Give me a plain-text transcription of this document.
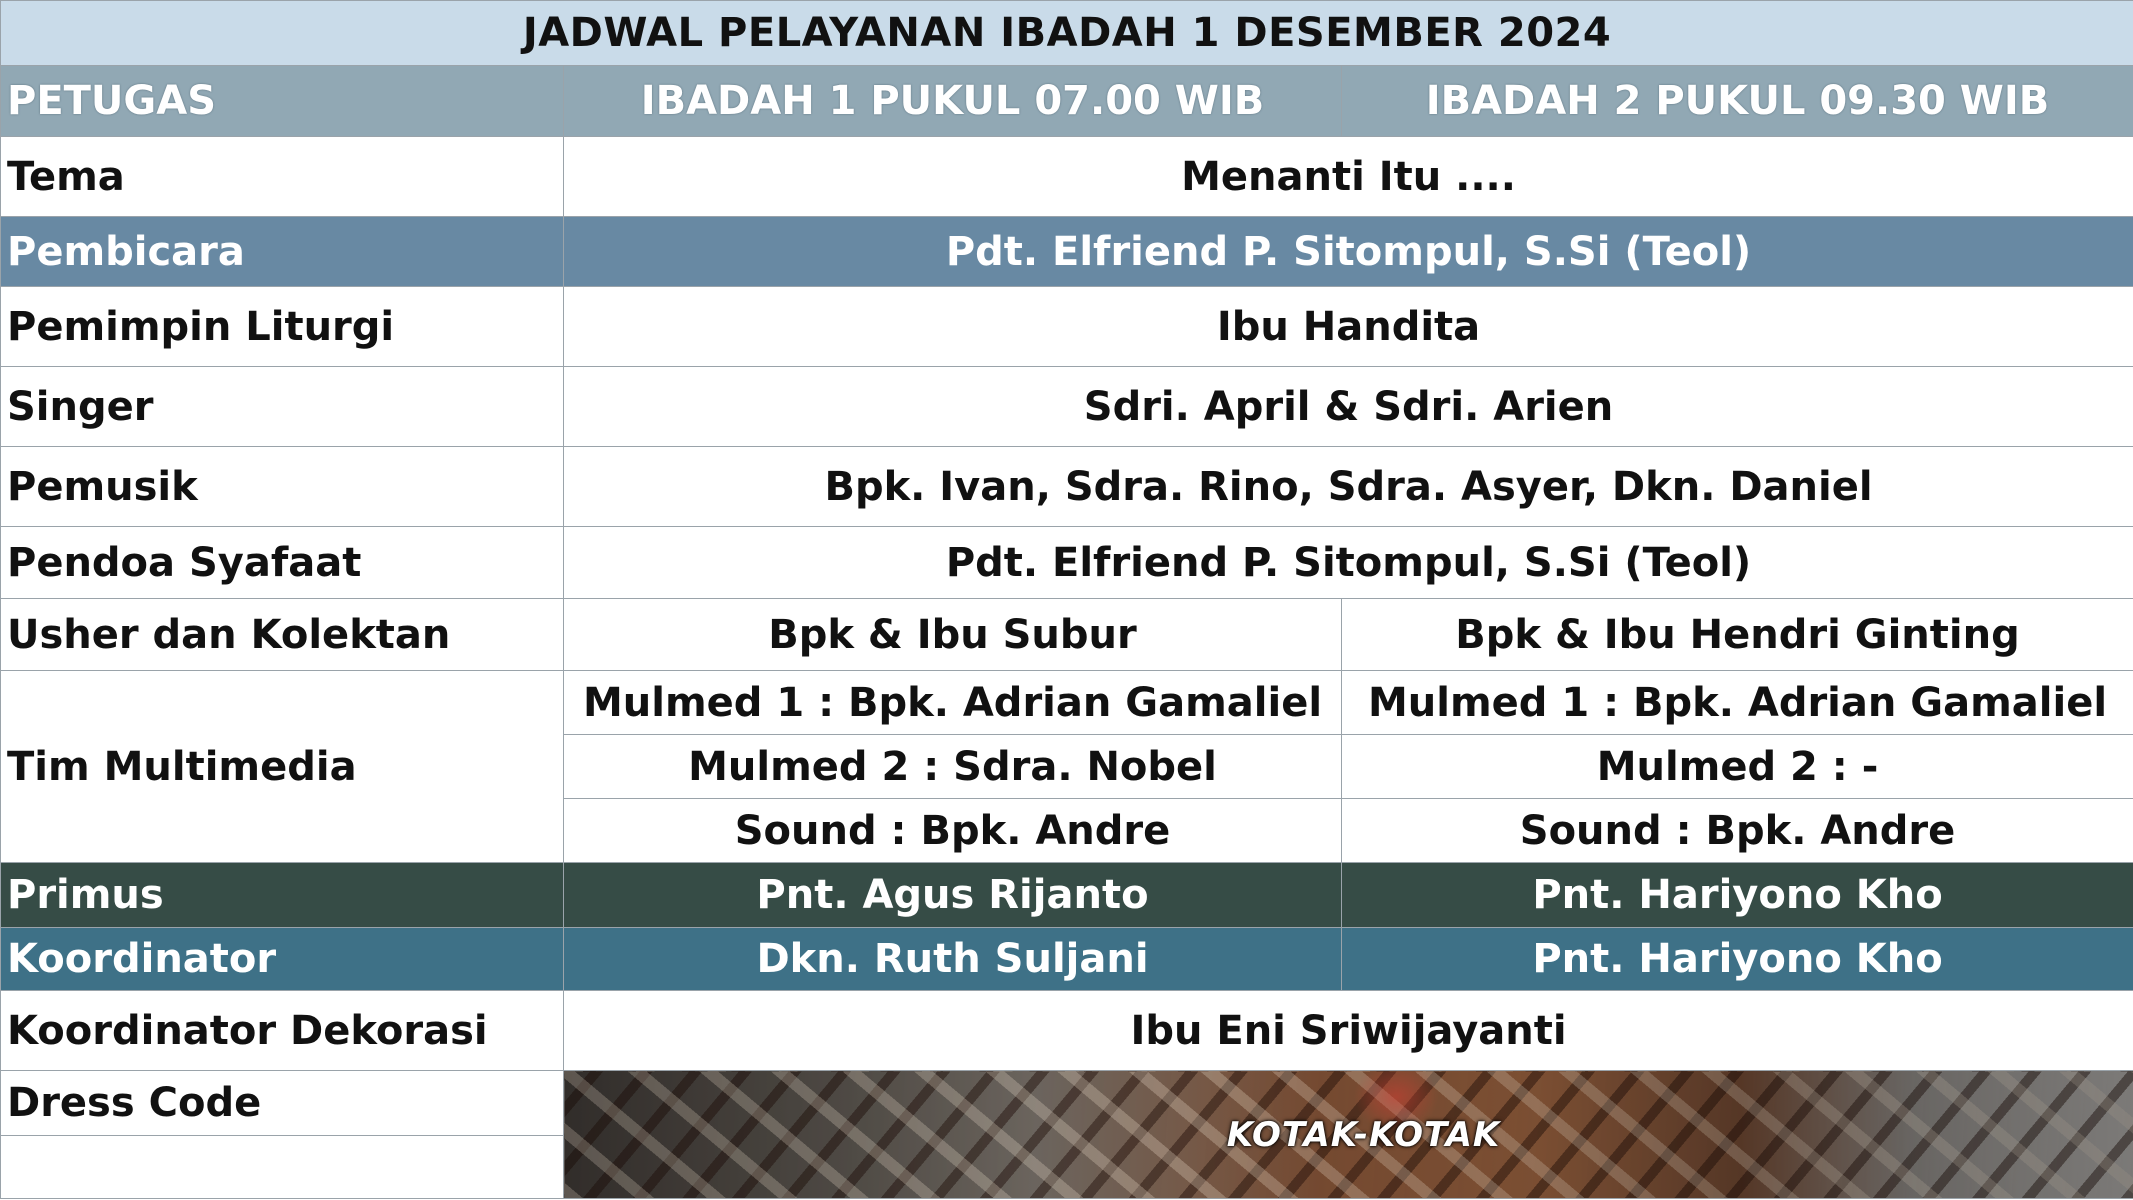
JADWAL PELAYANAN IBADAH 1 DESEMBER 2024		
PETUGAS	IBADAH 1 PUKUL 07.00 WIB	IBADAH 2 PUKUL 09.30 WIB
Tema	Menanti Itu ....	
Pembicara	Pdt. Elfriend P. Sitompul, S.Si (Teol)	
Pemimpin Liturgi	Ibu Handita	
Singer	Sdri. April & Sdri. Arien	
Pemusik	Bpk. Ivan, Sdra. Rino, Sdra. Asyer, Dkn. Daniel	
Pendoa Syafaat	Pdt. Elfriend P. Sitompul, S.Si (Teol)	
Usher dan Kolektan	Bpk & Ibu Subur	Bpk & Ibu Hendri Ginting
Tim Multimedia	Mulmed 1 : Bpk. Adrian Gamaliel	Mulmed 1 : Bpk. Adrian Gamaliel
	Mulmed 2 : Sdra. Nobel	Mulmed 2 : -
	Sound : Bpk. Andre	Sound : Bpk. Andre
Primus	Pnt. Agus Rijanto	Pnt. Hariyono Kho
Koordinator	Dkn. Ruth Suljani	Pnt. Hariyono Kho
Koordinator Dekorasi	Ibu Eni Sriwijayanti	
Dress Code	KOTAK-KOTAK	
